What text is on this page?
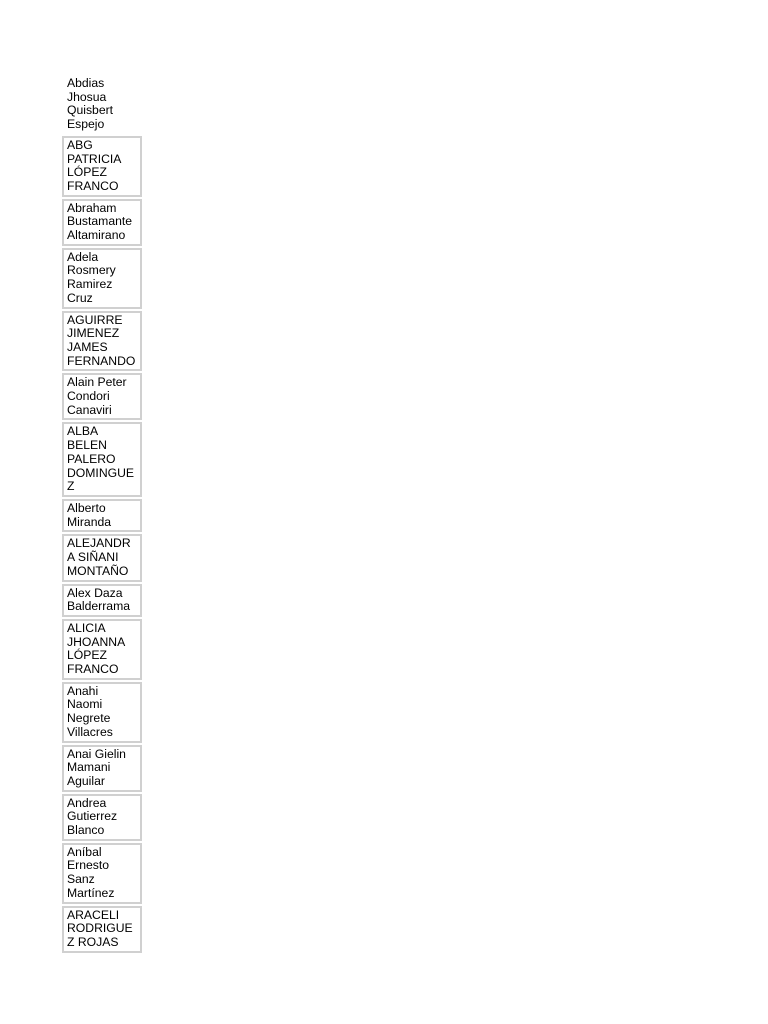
Abdias
Jhosua
Quisbert
Espejo
ABG
PATRICIA
LÓPEZ
FRANCO
Abraham
Bustamante
Altamirano
Adela
Rosmery
Ramirez
Cruz
AGUIRRE
JIMENEZ
JAMES
FERNANDO
Alain Peter
Condori
Canaviri
ALBA
BELEN
PALERO
DOMINGUE
Z
Alberto
Miranda
ALEJANDR
A SIÑANI
MONTAÑO
Alex Daza
Balderrama
ALICIA
JHOANNA
LÓPEZ
FRANCO
Anahi
Naomi
Negrete
Villacres
Anai Gielin
Mamani
Aguilar
Andrea
Gutierrez
Blanco
Aníbal
Ernesto
Sanz
Martínez
ARACELI
RODRIGUE
Z ROJAS
